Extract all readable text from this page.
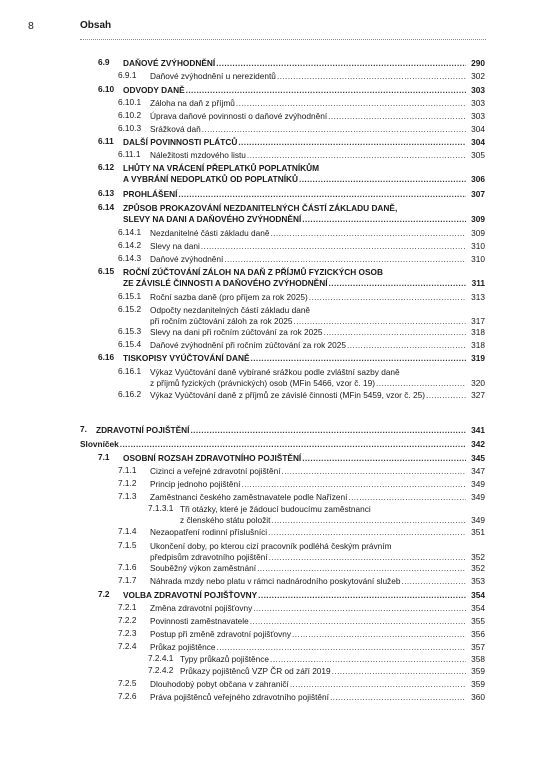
8	Obsah
6.9 DAŇOVÉ ZVÝHODNĚNÍ .....	290
6.9.1 Daňové zvýhodnění u nerezidentů .....	302
6.10 ODVODY DANĚ .....	303
6.10.1 Záloha na daň z příjmů .....	303
6.10.2 Úprava daňové povinnosti o daňové zvýhodnění .....	303
6.10.3 Srážková daň .....	304
6.11 DALŠÍ POVINNOSTI PLÁTCŮ .....	304
6.11.1 Náležitosti mzdového listu .....	305
6.12 LHŮTY NA VRÁCENÍ PŘEPLATKŮ POPLATNÍKŮM
A VYBRÁNÍ NEDOPLATKŮ OD POPLATNÍKŮ .....	306
6.13 PROHLÁŠENÍ .....	307
6.14 ZPŮSOB PROKAZOVÁNÍ NEZDANITELNÝCH ČÁSTÍ ZÁKLADU DANĚ,
SLEVY NA DANI A DAŇOVÉHO ZVÝHODNĚNÍ .....	309
6.14.1 Nezdanitelné části základu daně .....	309
6.14.2 Slevy na dani .....	310
6.14.3 Daňové zvýhodnění .....	310
6.15 ROČNÍ ZÚČTOVÁNÍ ZÁLOH NA DAŇ Z PŘÍJMŮ FYZICKÝCH OSOB
ZE ZÁVISLÉ ČINNOSTI A DAŇOVÉHO ZVÝHODNĚNÍ .....	311
6.15.1 Roční sazba daně (pro příjem za rok 2025) .....	313
6.15.2 Odpočty nezdanitelných částí základu daně
při ročním zúčtování záloh za rok 2025 .....	317
6.15.3 Slevy na dani při ročním zúčtování za rok 2025 .....	318
6.15.4 Daňové zvýhodnění při ročním zúčtování za rok 2025 .....	318
6.16 TISKOPISY VYÚČTOVÁNÍ DANĚ .....	319
6.16.1 Výkaz Vyúčtování daně vybírané srážkou podle zvláštní sazby daně
z příjmů fyzických (právnických) osob (MFin 5466, vzor č. 19) .....	320
6.16.2 Výkaz Vyúčtování daně z příjmů ze závislé činnosti (MFin 5459, vzor č. 25) .....	327
7. ZDRAVOTNÍ POJIŠTĚNÍ .....	341
Slovníček .....	342
7.1 OSOBNÍ ROZSAH ZDRAVOTNÍHO POJIŠTĚNÍ .....	345
7.1.1 Cizinci a veřejné zdravotní pojištění .....	347
7.1.2 Princip jednoho pojištění .....	349
7.1.3 Zaměstnanci českého zaměstnavatele podle Nařízení .....	349
7.1.3.1 Tři otázky, které je žádoucí budoucímu zaměstnanci
z členského státu položit .....	349
7.1.4 Nezaopatření rodinní příslušníci .....	351
7.1.5 Ukončení doby, po kterou cizí pracovník podléhá českým právním
předpisům zdravotního pojištění .....	352
7.1.6 Souběžný výkon zaměstnání .....	352
7.1.7 Náhrada mzdy nebo platu v rámci nadnárodního poskytování služeb .....	353
7.2 VOLBA ZDRAVOTNÍ POJIŠŤOVNY .....	354
7.2.1 Změna zdravotní pojišťovny .....	354
7.2.2 Povinnosti zaměstnavatele .....	355
7.2.3 Postup při změně zdravotní pojišťovny .....	356
7.2.4 Průkaz pojištěnce .....	357
7.2.4.1 Typy průkazů pojištěnce .....	358
7.2.4.2 Průkazy pojištěnců VZP ČR od září 2019 .....	359
7.2.5 Dlouhodobý pobyt občana v zahraničí .....	359
7.2.6 Práva pojištěnců veřejného zdravotního pojištění .....	360
